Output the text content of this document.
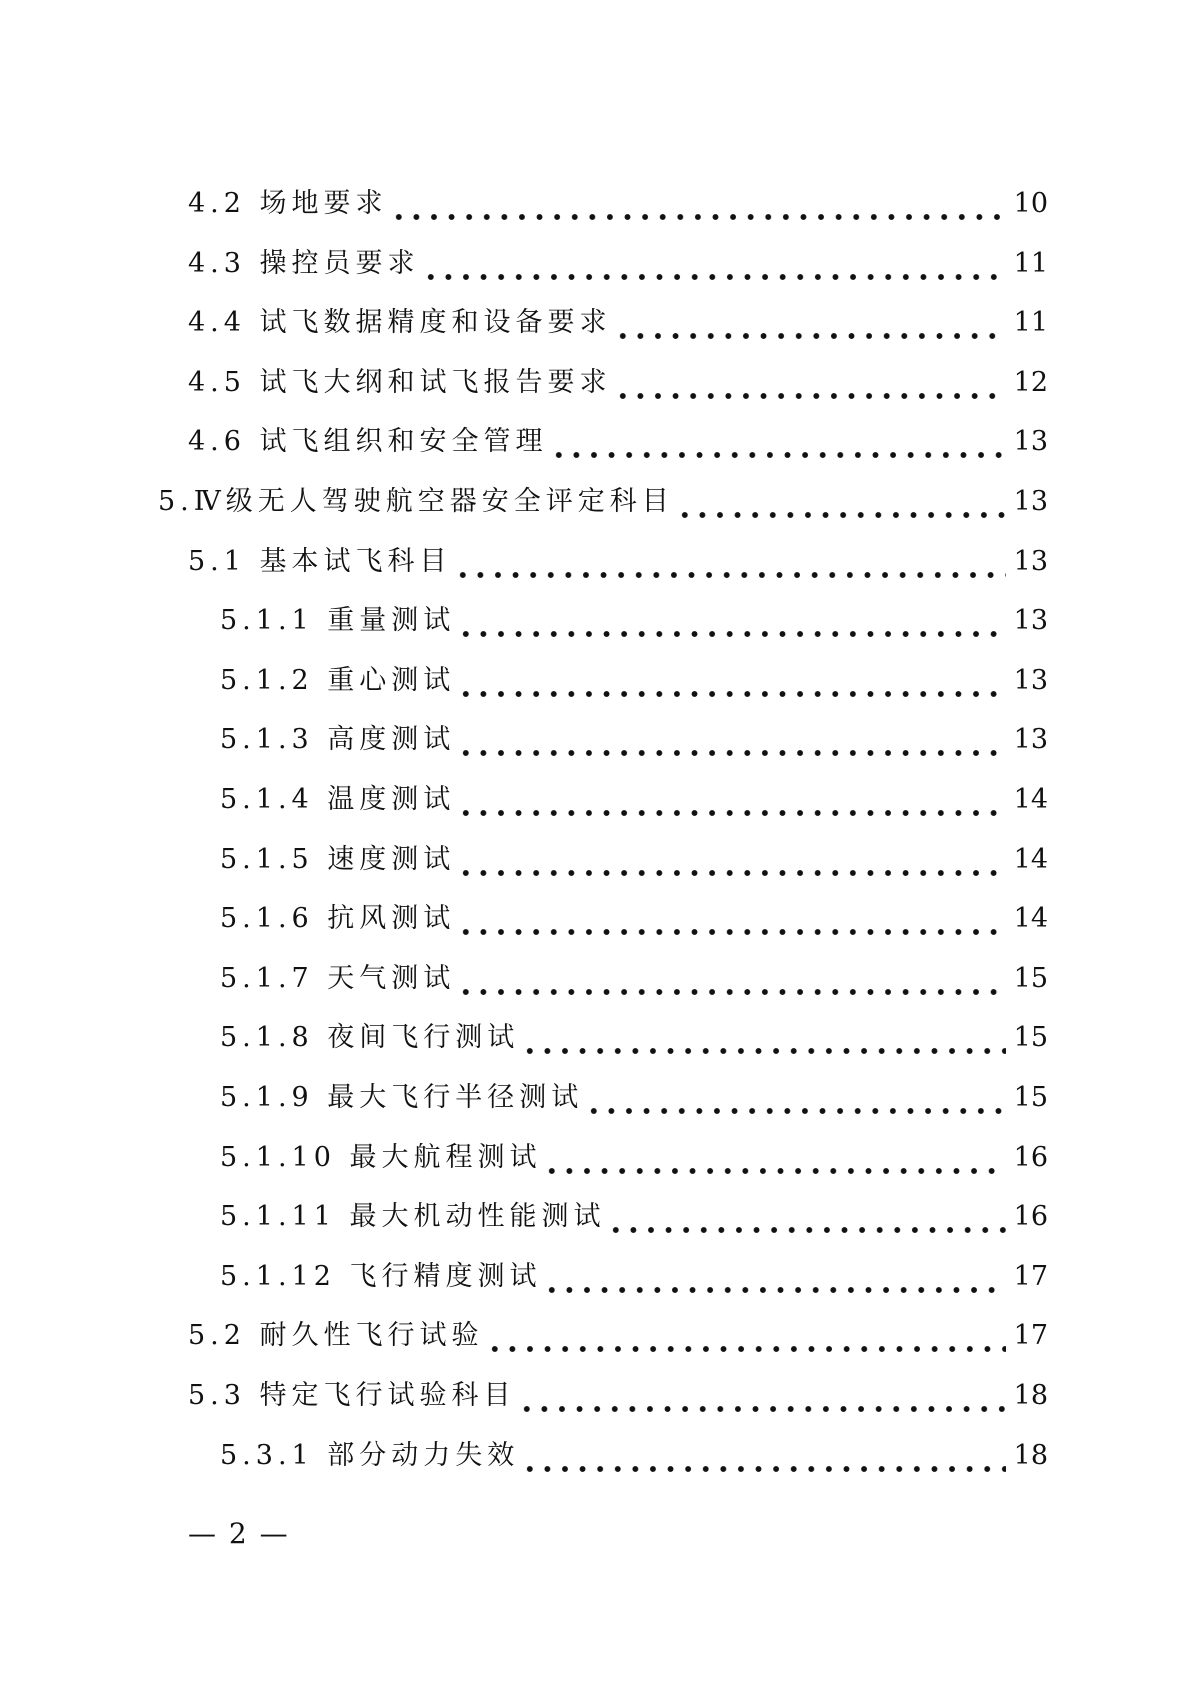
4.2 场地要求	10
4.3 操控员要求	11
4.4 试飞数据精度和设备要求	11
4.5 试飞大纲和试飞报告要求	12
4.6 试飞组织和安全管理	13
5.Ⅳ级无人驾驶航空器安全评定科目	13
5.1 基本试飞科目	13
5.1.1 重量测试	13
5.1.2 重心测试	13
5.1.3 高度测试	13
5.1.4 温度测试	14
5.1.5 速度测试	14
5.1.6 抗风测试	14
5.1.7 天气测试	15
5.1.8 夜间飞行测试	15
5.1.9 最大飞行半径测试	15
5.1.10 最大航程测试	16
5.1.11 最大机动性能测试	16
5.1.12 飞行精度测试	17
5.2 耐久性飞行试验	17
5.3 特定飞行试验科目	18
5.3.1 部分动力失效	18
— 2 —
